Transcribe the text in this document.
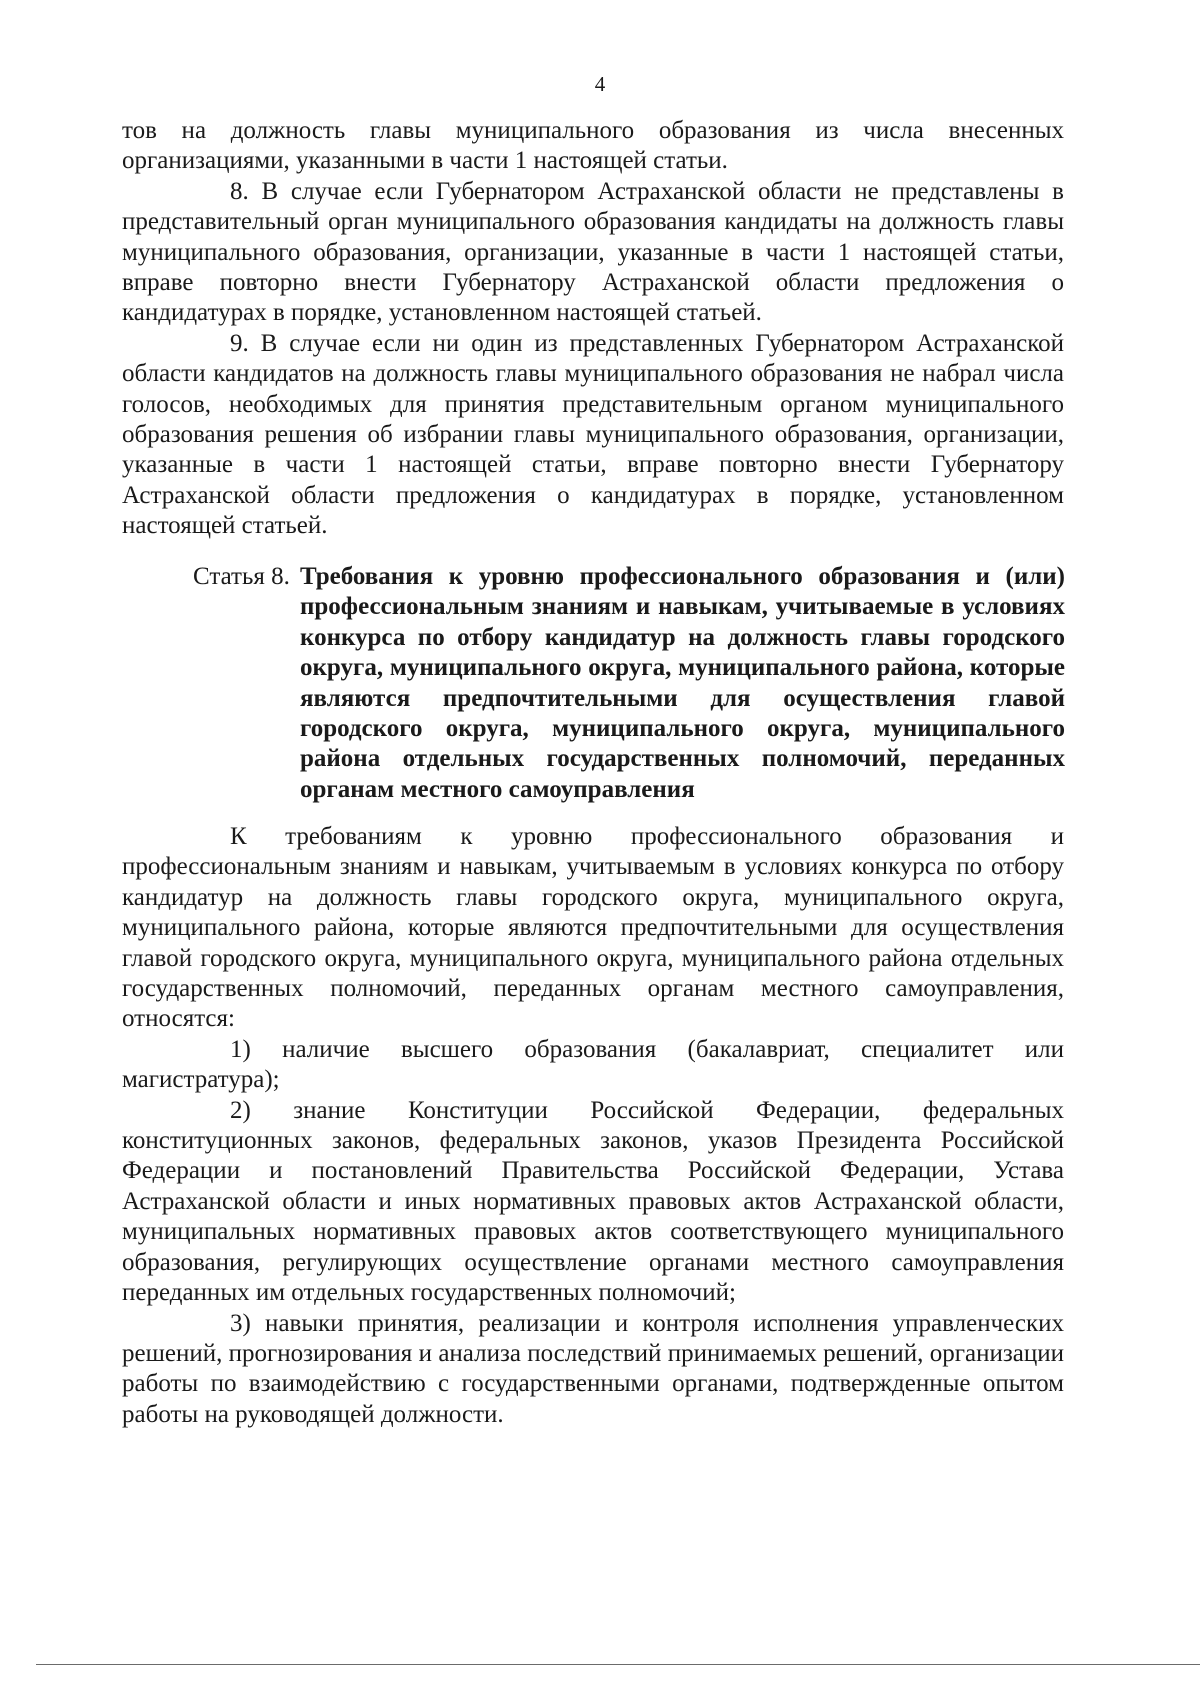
4

тов на должность главы муниципального образования из числа внесенных организациями, указанными в части 1 настоящей статьи.

8. В случае если Губернатором Астраханской области не представлены в представительный орган муниципального образования кандидаты на должность главы муниципального образования, организации, указанные в части 1 настоящей статьи, вправе повторно внести Губернатору Астраханской области предложения о кандидатурах в порядке, установленном настоящей статьей.

9. В случае если ни один из представленных Губернатором Астраханской области кандидатов на должность главы муниципального образования не набрал числа голосов, необходимых для принятия представительным органом муниципального образования решения об избрании главы муниципального образования, организации, указанные в части 1 настоящей статьи, вправе повторно внести Губернатору Астраханской области предложения о кандидатурах в порядке, установленном настоящей статьей.

Статья 8. Требования к уровню профессионального образования и (или) профессиональным знаниям и навыкам, учитываемые в условиях конкурса по отбору кандидатур на должность главы городского округа, муниципального округа, муниципального района, которые являются предпочтительными для осуществления главой городского округа, муниципального округа, муниципального района отдельных государственных полномочий, переданных органам местного самоуправления

К требованиям к уровню профессионального образования и профессиональным знаниям и навыкам, учитываемым в условиях конкурса по отбору кандидатур на должность главы городского округа, муниципального округа, муниципального района, которые являются предпочтительными для осуществления главой городского округа, муниципального округа, муниципального района отдельных государственных полномочий, переданных органам местного самоуправления, относятся:

1) наличие высшего образования (бакалавриат, специалитет или магистратура);

2) знание Конституции Российской Федерации, федеральных конституционных законов, федеральных законов, указов Президента Российской Федерации и постановлений Правительства Российской Федерации, Устава Астраханской области и иных нормативных правовых актов Астраханской области, муниципальных нормативных правовых актов соответствующего муниципального образования, регулирующих осуществление органами местного самоуправления переданных им отдельных государственных полномочий;

3) навыки принятия, реализации и контроля исполнения управленческих решений, прогнозирования и анализа последствий принимаемых решений, организации работы по взаимодействию с государственными органами, подтвержденные опытом работы на руководящей должности.
